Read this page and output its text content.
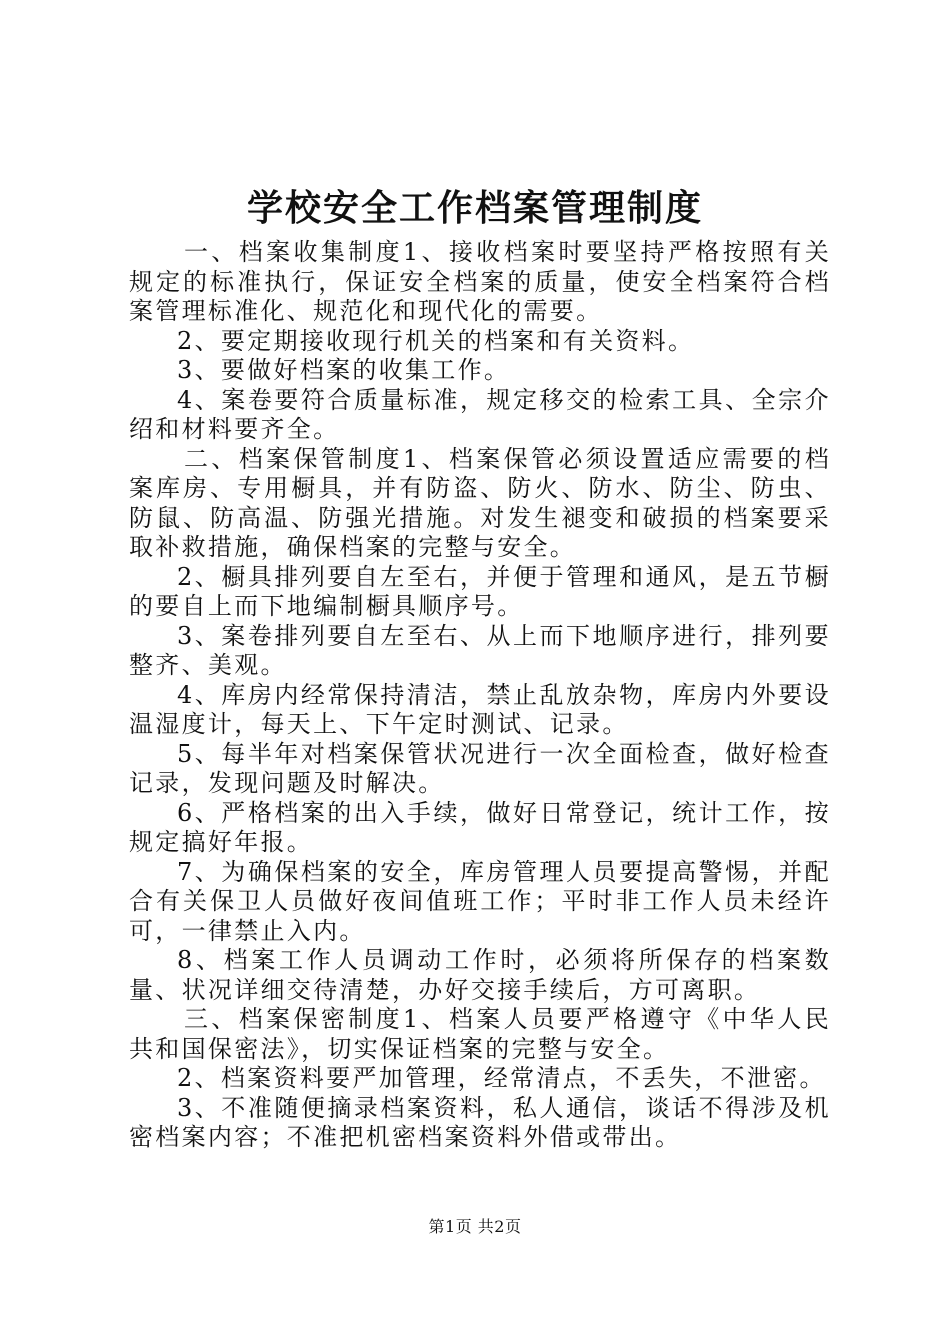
学校安全工作档案管理制度

一、档案收集制度1、接收档案时要坚持严格按照有关规定的标准执行，保证安全档案的质量，使安全档案符合档案管理标准化、规范化和现代化的需要。

2、要定期接收现行机关的档案和有关资料。

3、要做好档案的收集工作。

4、案卷要符合质量标准，规定移交的检索工具、全宗介绍和材料要齐全。

二、档案保管制度1、档案保管必须设置适应需要的档案库房、专用橱具，并有防盗、防火、防水、防尘、防虫、防鼠、防高温、防强光措施。对发生褪变和破损的档案要采取补救措施，确保档案的完整与安全。

2、橱具排列要自左至右，并便于管理和通风，是五节橱的要自上而下地编制橱具顺序号。

3、案卷排列要自左至右、从上而下地顺序进行，排列要整齐、美观。

4、库房内经常保持清洁，禁止乱放杂物，库房内外要设温湿度计，每天上、下午定时测试、记录。

5、每半年对档案保管状况进行一次全面检查，做好检查记录，发现问题及时解决。

6、严格档案的出入手续，做好日常登记，统计工作，按规定搞好年报。

7、为确保档案的安全，库房管理人员要提高警惕，并配合有关保卫人员做好夜间值班工作；平时非工作人员未经许可，一律禁止入内。

8、档案工作人员调动工作时，必须将所保存的档案数量、状况详细交待清楚，办好交接手续后，方可离职。

三、档案保密制度1、档案人员要严格遵守《中华人民共和国保密法》，切实保证档案的完整与安全。

2、档案资料要严加管理，经常清点，不丢失，不泄密。

3、不准随便摘录档案资料，私人通信，谈话不得涉及机密档案内容；不准把机密档案资料外借或带出。

第1页 共2页
